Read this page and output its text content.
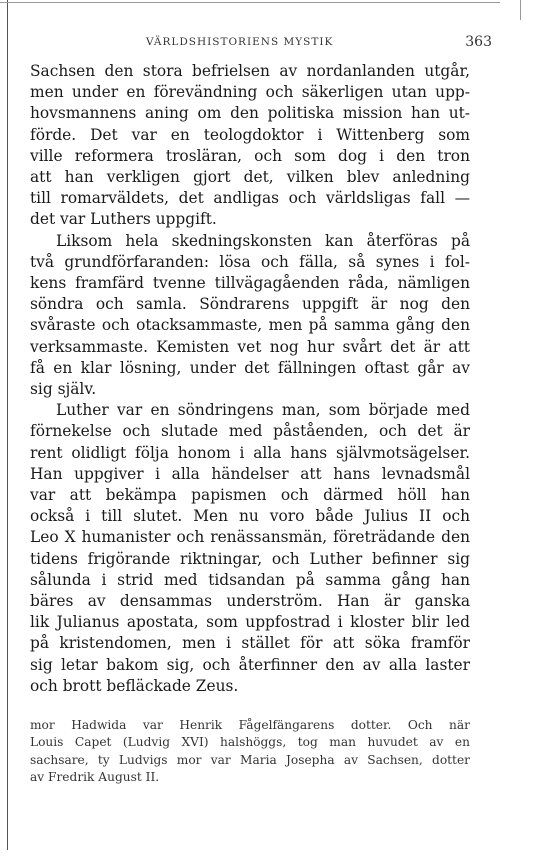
VÄRLDSHISTORIENS MYSTIK	363
Sachsen den stora befrielsen av nordanlanden utgår,
men under en förevändning och säkerligen utan upp-
hovsmannens aning om den politiska mission han ut-
förde. Det var en teologdoktor i Wittenberg som
ville reformera trosläran, och som dog i den tron
att han verkligen gjort det, vilken blev anledning
till romarväldets, det andligas och världsligas fall —
det var Luthers uppgift.
Liksom hela skedningskonsten kan återföras på
två grundförfaranden: lösa och fälla, så synes i fol-
kens framfärd tvenne tillvägagåenden råda, nämligen
söndra och samla. Söndrarens uppgift är nog den
svåraste och otacksammaste, men på samma gång den
verksammaste. Kemisten vet nog hur svårt det är att
få en klar lösning, under det fällningen oftast går av
sig själv.
Luther var en söndringens man, som började med
förnekelse och slutade med påståenden, och det är
rent olidligt följa honom i alla hans självmotsägelser.
Han uppgiver i alla händelser att hans levnadsmål
var att bekämpa papismen och därmed höll han
också i till slutet. Men nu voro både Julius II och
Leo X humanister och renässansmän, företrädande den
tidens frigörande riktningar, och Luther befinner sig
sålunda i strid med tidsandan på samma gång han
bäres av densammas underström. Han är ganska
lik Julianus apostata, som uppfostrad i kloster blir led
på kristendomen, men i stället för att söka framför
sig letar bakom sig, och återfinner den av alla laster
och brott befläckade Zeus.
mor Hadwida var Henrik Fågelfängarens dotter. Och när
Louis Capet (Ludvig XVI) halshöggs, tog man huvudet av en
sachsare, ty Ludvigs mor var Maria Josepha av Sachsen, dotter
av Fredrik August II.
